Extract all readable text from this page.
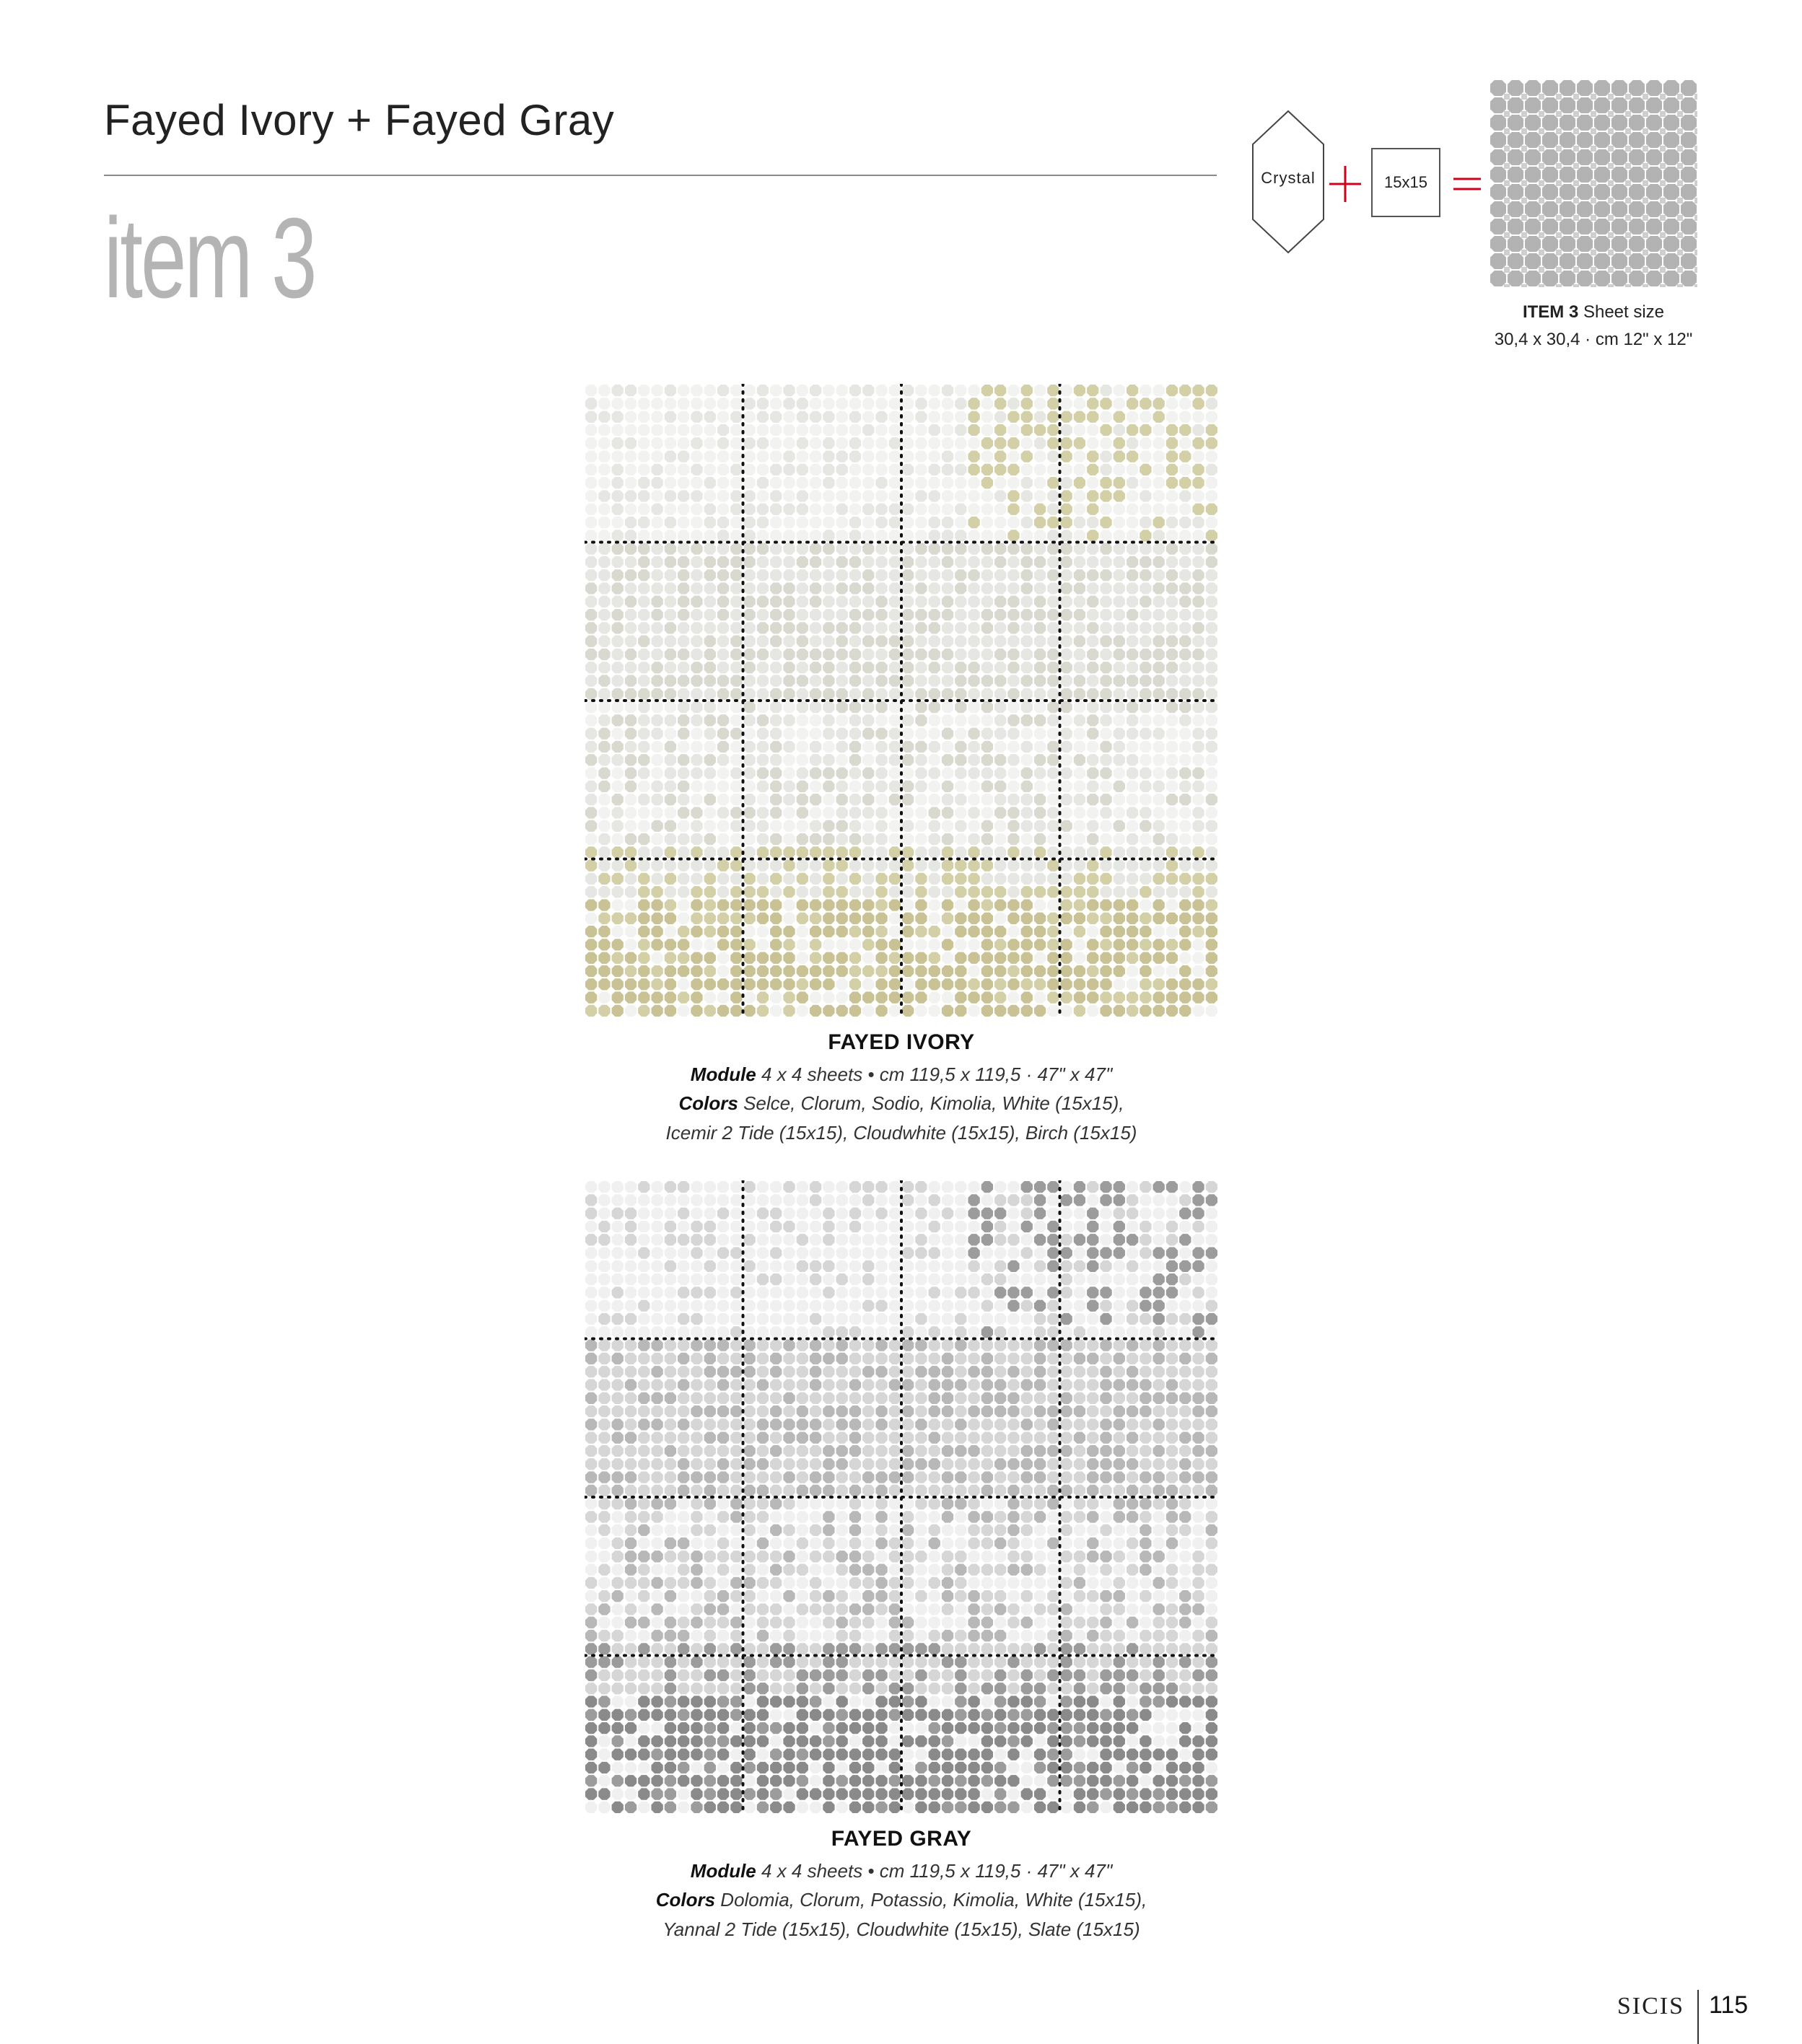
Fayed Ivory + Fayed Gray
item 3
Crystal	15x15
ITEM 3 Sheet size
30,4 x 30,4 · cm 12" x 12"
FAYED IVORY
Module 4 x 4 sheets • cm 119,5 x 119,5 · 47" x 47"
Colors Selce, Clorum, Sodio, Kimolia, White (15x15),
Icemir 2 Tide (15x15), Cloudwhite (15x15), Birch (15x15)
FAYED GRAY
Module 4 x 4 sheets • cm 119,5 x 119,5 · 47" x 47"
Colors Dolomia, Clorum, Potassio, Kimolia, White (15x15),
Yannal 2 Tide (15x15), Cloudwhite (15x15), Slate (15x15)
SICIS 115
